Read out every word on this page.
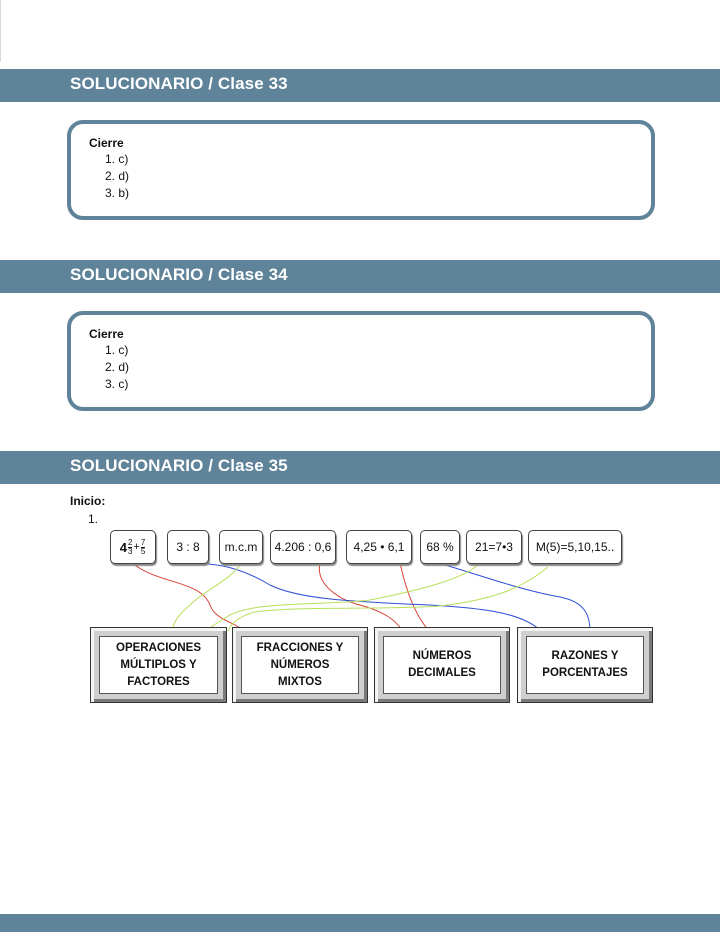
SOLUCIONARIO / Clase 33
Cierre
1. c)
2. d)
3. b)
SOLUCIONARIO / Clase 34
Cierre
1. c)
2. d)
3. c)
SOLUCIONARIO / Clase 35
Inicio:
1.
$4 \frac{2}{3} + \frac{7}{5}$	3 : 8	m.c.m	4.206 : 0,6	4,25 • 6,1	68 %	21=7•3	M(5)=5,10,15..
OPERACIONES
MÚLTIPLOS Y
FACTORES
FRACCIONES Y
NÚMEROS
MIXTOS
NÚMEROS
DECIMALES
RAZONES Y
PORCENTAJES
